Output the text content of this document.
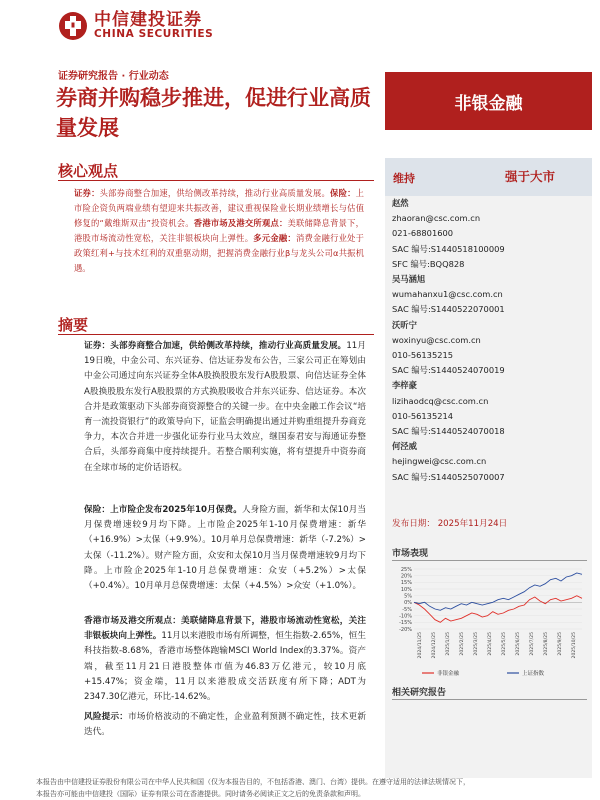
中信建投证券
CHINA SECURITIES
证券研究报告 · 行业动态
券商并购稳步推进，促进行业高质量发展
非银金融
核心观点
证券：头部券商整合加速，供给侧改革持续，推动行业高质量发展。保险：上市险企资负两端业绩有望迎来共振改善，建议重视保险业长期业绩增长与估值修复的“戴维斯双击”投资机会。香港市场及港交所观点：美联储降息背景下，港股市场流动性宽松，关注非银板块向上弹性。多元金融：消费金融行业处于政策红利+与技术红利的双重驱动期，把握消费金融行业β与龙头公司α共振机遇。
摘要
证券：头部券商整合加速，供给侧改革持续，推动行业高质量发展。11月19日晚，中金公司、东兴证券、信达证券发布公告，三家公司正在筹划由中金公司通过向东兴证券全体A股换股股东发行A股股票、向信达证券全体A股换股股东发行A股股票的方式换股吸收合并东兴证券、信达证券。本次合并是政策驱动下头部券商资源整合的关键一步。在中央金融工作会议“培育一流投资银行”的政策导向下，证监会明确提出通过并购重组提升券商竞争力，本次合并进一步强化证券行业马太效应，继国泰君安与海通证券整合后，头部券商集中度持续提升。若整合顺利实施，将有望提升中资券商在全球市场的定价话语权。
保险：上市险企发布2025年10月保费。人身险方面，新华和太保10月当月保费增速较9月均下降。上市险企2025年1-10月保费增速：新华（+16.9%）>太保（+9.9%）。10月单月总保费增速：新华（-7.2%）>太保（-11.2%）。财产险方面，众安和太保10月当月保费增速较9月均下降。上市险企2025年1-10月总保费增速：众安（+5.2%）>太保（+0.4%）。10月单月总保费增速：太保（+4.5%）>众安（+1.0%）。
香港市场及港交所观点：美联储降息背景下，港股市场流动性宽松，关注非银板块向上弹性。11月以来港股市场有所调整，恒生指数-2.65%，恒生科技指数-8.68%，香港市场整体跑输MSCI World Index的3.37%。资产端，截至11月21日港股整体市值为46.83万亿港元，较10月底+15.47%；资金端，11月以来港股成交活跃度有所下降；ADT为2347.30亿港元，环比-14.62%。
风险提示：市场价格波动的不确定性，企业盈利预测不确定性，技术更新迭代。
维持	强于大市
赵然
zhaoran@csc.com.cn
021-68801600
SAC 编号:S1440518100009
SFC 编号:BQQ828
吴马涵旭
wumahanxu1@csc.com.cn
SAC 编号:S1440522070001
沃昕宁
woxinyu@csc.com.cn
010-56135215
SAC 编号:S1440524070019
李梓豪
lizihaodcq@csc.com.cn
010-56135214
SAC 编号:S1440524070018
何泾威
hejingwei@csc.com.cn
SAC 编号:S1440525070007
发布日期： 2025年11月24日
市场表现
25%
20%
15%
10%
5%
0%
-5%
-10%
-15%
-20%
2024/11/25 2024/12/25 2025/1/25 2025/2/25 2025/3/25 2025/4/25 2025/5/25 2025/6/25 2025/7/25 2025/8/25 2025/9/25 2025/10/25
非银金融	上证指数
相关研究报告
本报告由中信建投证券股份有限公司在中华人民共和国（仅为本报告目的，不包括香港、澳门、台湾）提供。在遵守适用的法律法规情况下，
本报告亦可能由中信建投（国际）证券有限公司在香港提供。同时请务必阅读正文之后的免责条款和声明。
